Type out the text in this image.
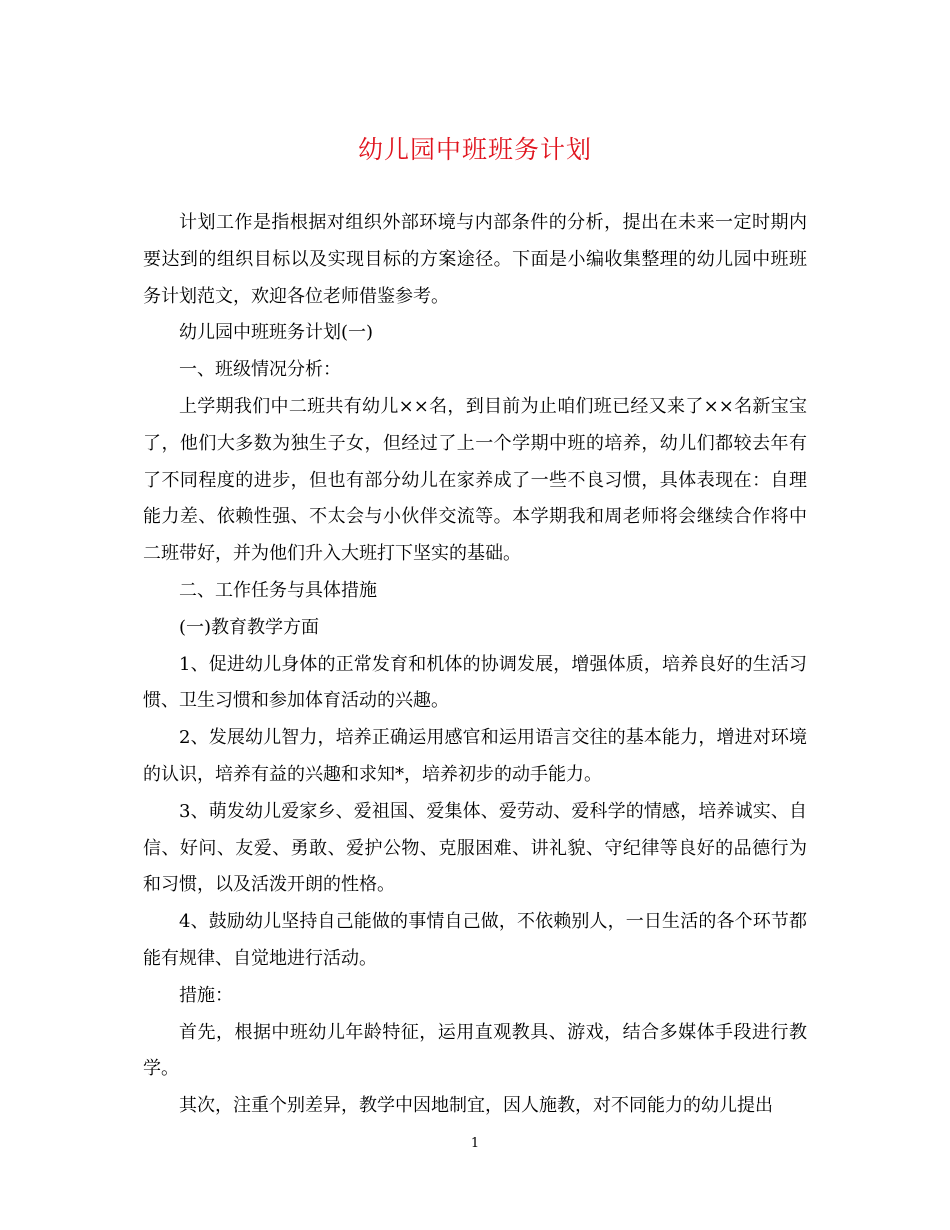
幼儿园中班班务计划

计划工作是指根据对组织外部环境与内部条件的分析，提出在未来一定时期内要达到的组织目标以及实现目标的方案途径。下面是小编收集整理的幼儿园中班班务计划范文，欢迎各位老师借鉴参考。

幼儿园中班班务计划(一)

一、班级情况分析：

上学期我们中二班共有幼儿××名，到目前为止咱们班已经又来了××名新宝宝了，他们大多数为独生子女，但经过了上一个学期中班的培养，幼儿们都较去年有了不同程度的进步，但也有部分幼儿在家养成了一些不良习惯，具体表现在：自理能力差、依赖性强、不太会与小伙伴交流等。本学期我和周老师将会继续合作将中二班带好，并为他们升入大班打下坚实的基础。

二、工作任务与具体措施

(一)教育教学方面

1、促进幼儿身体的正常发育和机体的协调发展，增强体质，培养良好的生活习惯、卫生习惯和参加体育活动的兴趣。

2、发展幼儿智力，培养正确运用感官和运用语言交往的基本能力，增进对环境的认识，培养有益的兴趣和求知*，培养初步的动手能力。

3、萌发幼儿爱家乡、爱祖国、爱集体、爱劳动、爱科学的情感，培养诚实、自信、好问、友爱、勇敢、爱护公物、克服困难、讲礼貌、守纪律等良好的品德行为和习惯，以及活泼开朗的性格。

4、鼓励幼儿坚持自己能做的事情自己做，不依赖别人，一日生活的各个环节都能有规律、自觉地进行活动。

措施：

首先，根据中班幼儿年龄特征，运用直观教具、游戏，结合多媒体手段进行教学。

其次，注重个别差异，教学中因地制宜，因人施教，对不同能力的幼儿提出

1
